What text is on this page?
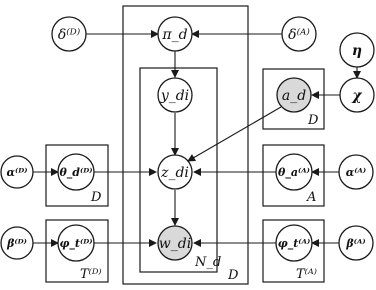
D
N_d
D
D	A
T⁽ᴰ⁾	T⁽ᴬ⁾
δ⁽ᴰ⁾	δ⁽ᴬ⁾
π_d
η
χ
a_d
y_di
z_di
w_di
α⁽ᴰ⁾	θ_d⁽ᴰ⁾	θ_a⁽ᴬ⁾	α⁽ᴬ⁾
β⁽ᴰ⁾	φ_t⁽ᴰ⁾	φ_t⁽ᴬ⁾	β⁽ᴬ⁾
